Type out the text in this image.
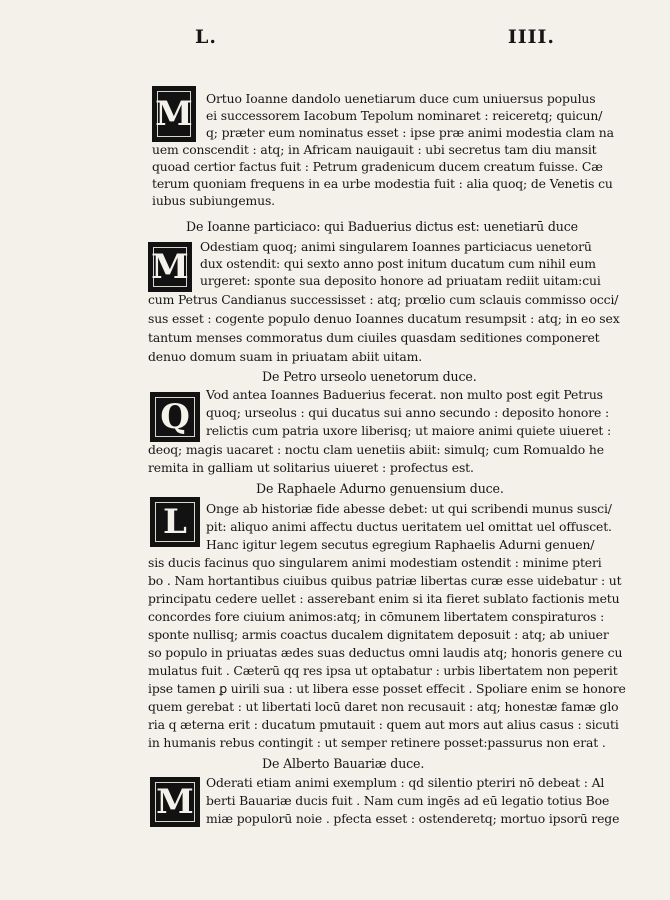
L.	IIII.
M
M
Q
L
M
Ortuo Ioanne dandolo uenetiarum duce cum uniuersus populus
ei successorem Iacobum Tepolum nominaret : reiceretq; quicun/
q; præter eum nominatus esset : ipse præ animi modestia clam na
uem conscendit : atq; in Africam nauigauit : ubi secretus tam diu mansit
quoad certior factus fuit : Petrum gradenicum ducem creatum fuisse. Cæ
terum quoniam frequens in ea urbe modestia fuit : alia quoq; de Venetis cu
iubus subiungemus.
De Ioanne particiaco: qui Baduerius dictus est: uenetiarū duce
Odestiam quoq; animi singularem Ioannes particiacus uenetorū
dux ostendit: qui sexto anno post initum ducatum cum nihil eum
urgeret: sponte sua deposito honore ad priuatam rediit uitam:cui
cum Petrus Candianus successisset : atq; prœlio cum sclauis commisso occi/
sus esset : cogente populo denuo Ioannes ducatum resumpsit : atq; in eo sex
tantum menses commoratus dum ciuiles quasdam seditiones componeret
denuo domum suam in priuatam abiit uitam.
De Petro urseolo uenetorum duce.
Vod antea Ioannes Baduerius fecerat. non multo post egit Petrus
quoq; urseolus : qui ducatus sui anno secundo : deposito honore :
relictis cum patria uxore liberisq; ut maiore animi quiete uiueret :
deoq; magis uacaret : noctu clam uenetiis abiit: simulq; cum Romualdo he
remita in galliam ut solitarius uiueret : profectus est.
De Raphaele Adurno genuensium duce.
Onge ab historiæ fide abesse debet: ut qui scribendi munus susci/
pit: aliquo animi affectu ductus ueritatem uel omittat uel offuscet.
Hanc igitur legem secutus egregium Raphaelis Adurni genuen/
sis ducis facinus quo singularem animi modestiam ostendit : minime pteri
bo . Nam hortantibus ciuibus quibus patriæ libertas curæ esse uidebatur : ut
principatu cedere uellet : asserebant enim si ita fieret sublato factionis metu
concordes fore ciuium animos:atq; in cōmunem libertatem conspiraturos :
sponte nullisq; armis coactus ducalem dignitatem deposuit : atq; ab uniuer
so populo in priuatas ædes suas deductus omni laudis atq; honoris genere cu
mulatus fuit . Cæterū qq res ipsa ut optabatur : urbis libertatem non peperit
ipse tamen ꝑ uirili sua : ut libera esse posset effecit . Spoliare enim se honore
quem gerebat : ut libertati locū daret non recusauit : atq; honestæ famæ glo
ria q æterna erit : ducatum pmutauit : quem aut mors aut alius casus : sicuti
in humanis rebus contingit : ut semper retinere posset:passurus non erat .
De Alberto Bauariæ duce.
Oderati etiam animi exemplum : qd silentio pteriri nō debeat : Al
berti Bauariæ ducis fuit . Nam cum ingēs ad eū legatio totius Boe
miæ populorū noie . pfecta esset : ostenderetq; mortuo ipsorū rege
